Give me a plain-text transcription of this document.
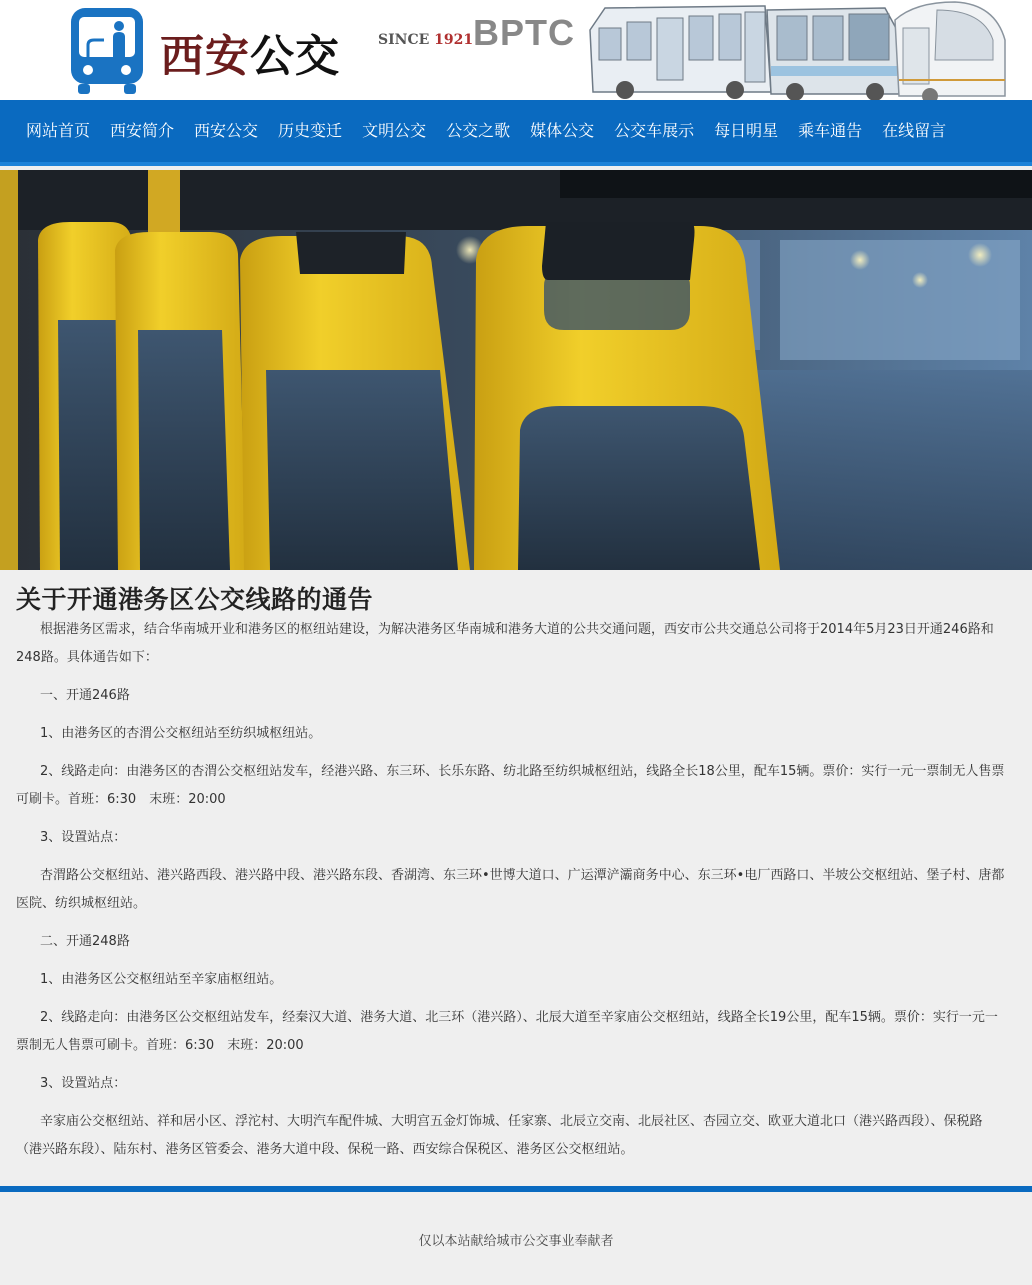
西安公交	SINCE 1921 BPTC
网站首页	西安简介	西安公交	历史变迁	文明公交	公交之歌	媒体公交	公交车展示	每日明星	乘车通告	在线留言
关于开通港务区公交线路的通告

根据港务区需求，结合华南城开业和港务区的枢纽站建设，为解决港务区华南城和港务大道的公共交通问题，西安市公共交通总公司将于2014年5月23日开通246路和248路。具体通告如下：

一、开通246路

1、由港务区的杏渭公交枢纽站至纺织城枢纽站。

2、线路走向：由港务区的杏渭公交枢纽站发车，经港兴路、东三环、长乐东路、纺北路至纺织城枢纽站，线路全长18公里，配车15辆。票价：实行一元一票制无人售票可刷卡。首班：6:30　末班：20:00

3、设置站点：

杏渭路公交枢纽站、港兴路西段、港兴路中段、港兴路东段、香湖湾、东三环•世博大道口、广运潭浐灞商务中心、东三环•电厂西路口、半坡公交枢纽站、堡子村、唐都医院、纺织城枢纽站。

二、开通248路

1、由港务区公交枢纽站至辛家庙枢纽站。

2、线路走向：由港务区公交枢纽站发车，经秦汉大道、港务大道、北三环（港兴路）、北辰大道至辛家庙公交枢纽站，线路全长19公里，配车15辆。票价：实行一元一票制无人售票可刷卡。首班：6:30　末班：20:00

3、设置站点：

辛家庙公交枢纽站、祥和居小区、浮沱村、大明汽车配件城、大明宫五金灯饰城、任家寨、北辰立交南、北辰社区、杏园立交、欧亚大道北口（港兴路西段）、保税路（港兴路东段）、陆东村、港务区管委会、港务大道中段、保税一路、西安综合保税区、港务区公交枢纽站。

仅以本站献给城市公交事业奉献者
